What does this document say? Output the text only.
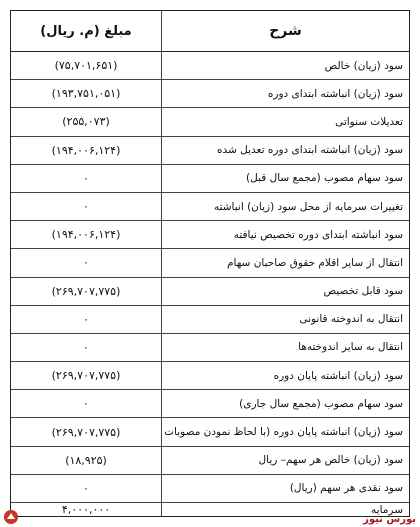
شرح
مبلغ (م. ریال)
سود (زیان) خالص
(۷۵,۷۰۱,۶۵۱)
سود (زیان) انباشته ابتدای دوره
(۱۹۳,۷۵۱,۰۵۱)
تعدیلات سنواتی
(۲۵۵,۰۷۳)
سود (زیان) انباشته ابتدای دوره تعدیل شده
(۱۹۴,۰۰۶,۱۲۴)
سود سهام مصوب (مجمع سال قبل)
۰
تغییرات سرمایه از محل سود (زیان) انباشته
۰
سود انباشته ابتدای دوره تخصیص نیافته
(۱۹۴,۰۰۶,۱۲۴)
انتقال از سایر اقلام حقوق صاحبان سهام
۰
سود قابل تخصیص
(۲۶۹,۷۰۷,۷۷۵)
انتقال به اندوخته قانونی
۰
انتقال به سایر اندوخته‌ها
۰
سود (زیان) انباشته پایان دوره
(۲۶۹,۷۰۷,۷۷۵)
سود سهام مصوب (مجمع سال جاری)
۰
سود (زیان) انباشته پایان دوره (با لحاظ نمودن مصوبات
(۲۶۹,۷۰۷,۷۷۵)
سود (زیان) خالص هر سهم– ریال
(۱۸,۹۲۵)
سود نقدی هر سهم (ریال)
۰
سرمایه
۴,۰۰۰,۰۰۰
بورس نیوز
